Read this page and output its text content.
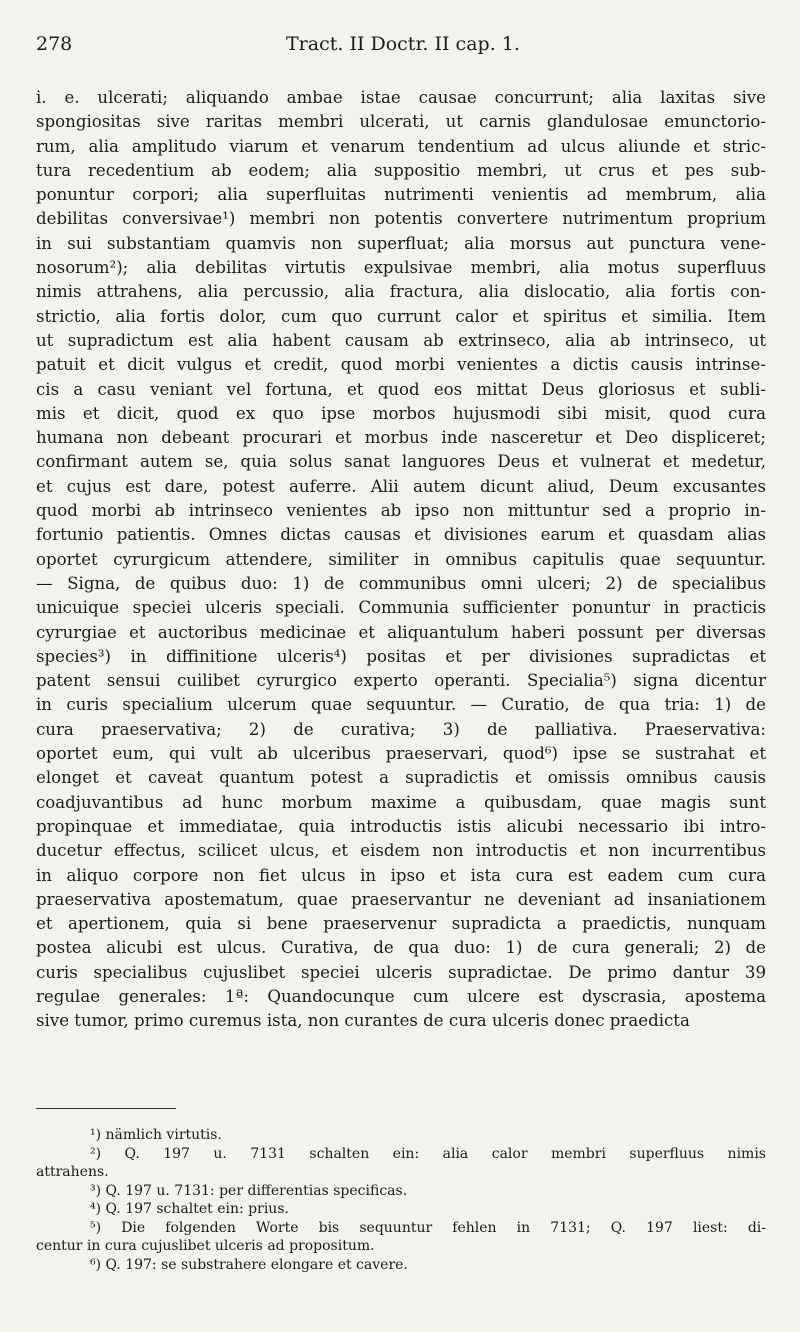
278	Tract. II Doctr. II cap. 1.

i. e. ulcerati; aliquando ambae istae causae concurrunt; alia laxitas sive

spongiositas sive raritas membri ulcerati, ut carnis glandulosae emunctorio-

rum, alia amplitudo viarum et venarum tendentium ad ulcus aliunde et stric-

tura recedentium ab eodem; alia suppositio membri, ut crus et pes sub-

ponuntur corpori; alia superfluitas nutrimenti venientis ad membrum, alia

debilitas conversivae¹) membri non potentis convertere nutrimentum proprium

in sui substantiam quamvis non superfluat; alia morsus aut punctura vene-

nosorum²); alia debilitas virtutis expulsivae membri, alia motus superfluus

nimis attrahens, alia percussio, alia fractura, alia dislocatio, alia fortis con-

strictio, alia fortis dolor, cum quo currunt calor et spiritus et similia. Item

ut supradictum est alia habent causam ab extrinseco, alia ab intrinseco, ut

patuit et dicit vulgus et credit, quod morbi venientes a dictis causis intrinse-

cis a casu veniant vel fortuna, et quod eos mittat Deus gloriosus et subli-

mis et dicit, quod ex quo ipse morbos hujusmodi sibi misit, quod cura

humana non debeant procurari et morbus inde nasceretur et Deo displiceret;

confirmant autem se, quia solus sanat languores Deus et vulnerat et medetur,

et cujus est dare, potest auferre. Alii autem dicunt aliud, Deum excusantes

quod morbi ab intrinseco venientes ab ipso non mittuntur sed a proprio in-

fortunio patientis. Omnes dictas causas et divisiones earum et quasdam alias

oportet cyrurgicum attendere, similiter in omnibus capitulis quae sequuntur.

— Signa, de quibus duo: 1) de communibus omni ulceri; 2) de specialibus

unicuique speciei ulceris speciali. Communia sufficienter ponuntur in practicis

cyrurgiae et auctoribus medicinae et aliquantulum haberi possunt per diversas

species³) in diffinitione ulceris⁴) positas et per divisiones supradictas et

patent sensui cuilibet cyrurgico experto operanti. Specialia⁵) signa dicentur

in curis specialium ulcerum quae sequuntur. — Curatio, de qua tria: 1) de

cura praeservativa; 2) de curativa; 3) de palliativa. Praeservativa:

oportet eum, qui vult ab ulceribus praeservari, quod⁶) ipse se sustrahat et

elonget et caveat quantum potest a supradictis et omissis omnibus causis

coadjuvantibus ad hunc morbum maxime a quibusdam, quae magis sunt

propinquae et immediatae, quia introductis istis alicubi necessario ibi intro-

ducetur effectus, scilicet ulcus, et eisdem non introductis et non incurrentibus

in aliquo corpore non fiet ulcus in ipso et ista cura est eadem cum cura

praeservativa apostematum, quae praeservantur ne deveniant ad insaniationem

et apertionem, quia si bene praeservenur supradicta a praedictis, nunquam

postea alicubi est ulcus. Curativa, de qua duo: 1) de cura generali; 2) de

curis specialibus cujuslibet speciei ulceris supradictae. De primo dantur 39

regulae generales: 1ª: Quandocunque cum ulcere est dyscrasia, apostema

sive tumor, primo curemus ista, non curantes de cura ulceris donec praedicta

¹) nämlich virtutis.

²) Q. 197 u. 7131 schalten ein: alia calor membri superfluus nimis

attrahens.

³) Q. 197 u. 7131: per differentias specificas.

⁴) Q. 197 schaltet ein: prius.

⁵) Die folgenden Worte bis sequuntur fehlen in 7131; Q. 197 liest: di-

centur in cura cujuslibet ulceris ad propositum.

⁶) Q. 197: se substrahere elongare et cavere.
